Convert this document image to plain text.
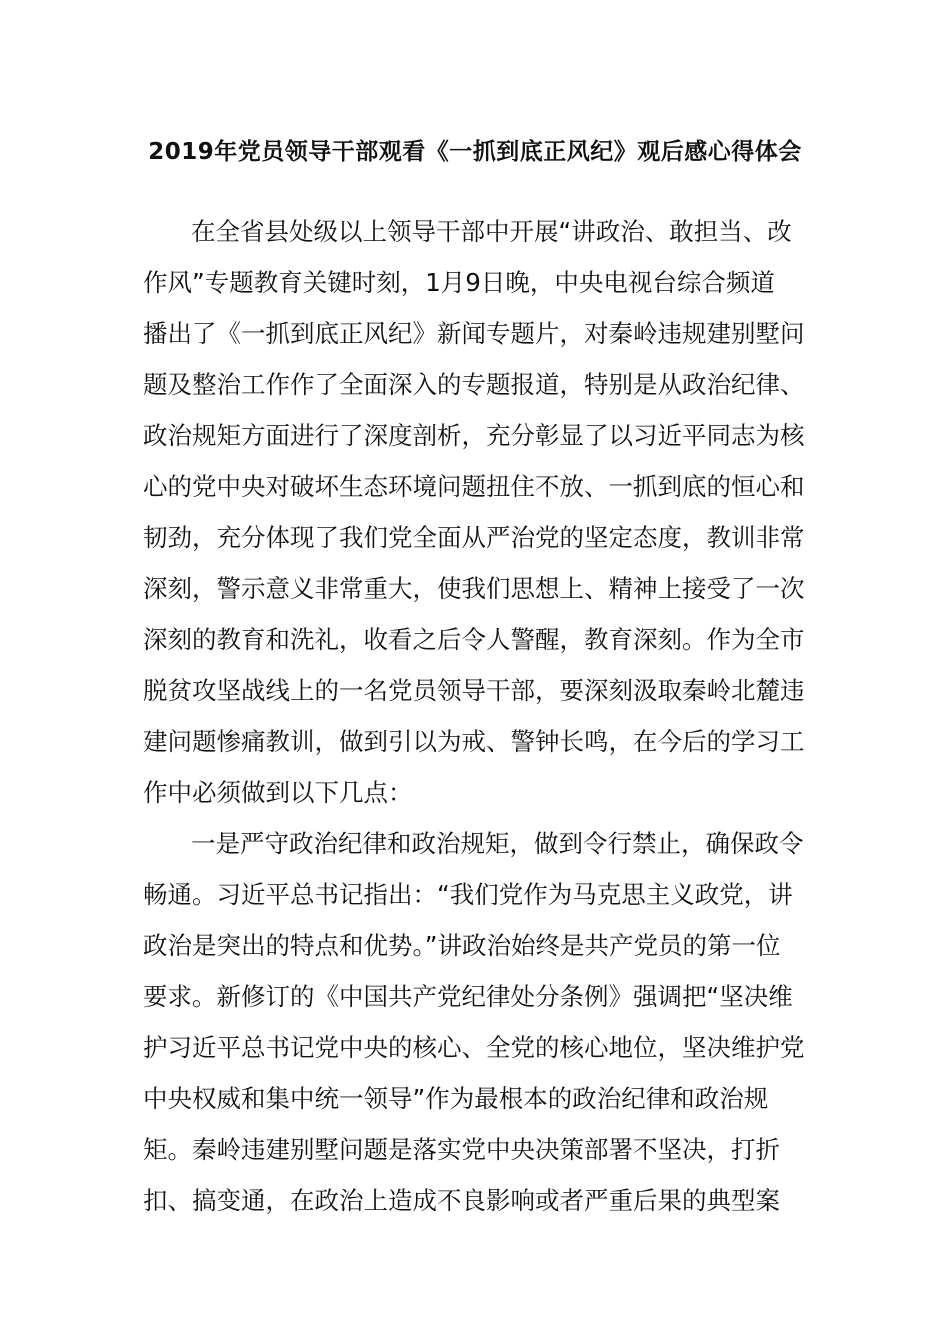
2019年党员领导干部观看《一抓到底正风纪》观后感心得体会
在全省县处级以上领导干部中开展“讲政治、敢担当、改
作风”专题教育关键时刻，1月9日晚，中央电视台综合频道
播出了《一抓到底正风纪》新闻专题片，对秦岭违规建别墅问
题及整治工作作了全面深入的专题报道，特别是从政治纪律、
政治规矩方面进行了深度剖析，充分彰显了以习近平同志为核
心的党中央对破坏生态环境问题扭住不放、一抓到底的恒心和
韧劲，充分体现了我们党全面从严治党的坚定态度，教训非常
深刻，警示意义非常重大，使我们思想上、精神上接受了一次
深刻的教育和洗礼，收看之后令人警醒，教育深刻。作为全市
脱贫攻坚战线上的一名党员领导干部，要深刻汲取秦岭北麓违
建问题惨痛教训，做到引以为戒、警钟长鸣，在今后的学习工
作中必须做到以下几点：
一是严守政治纪律和政治规矩，做到令行禁止，确保政令
畅通。习近平总书记指出：“我们党作为马克思主义政党，讲
政治是突出的特点和优势。”讲政治始终是共产党员的第一位
要求。新修订的《中国共产党纪律处分条例》强调把“坚决维
护习近平总书记党中央的核心、全党的核心地位，坚决维护党
中央权威和集中统一领导”作为最根本的政治纪律和政治规
矩。秦岭违建别墅问题是落实党中央决策部署不坚决，打折
扣、搞变通，在政治上造成不良影响或者严重后果的典型案
